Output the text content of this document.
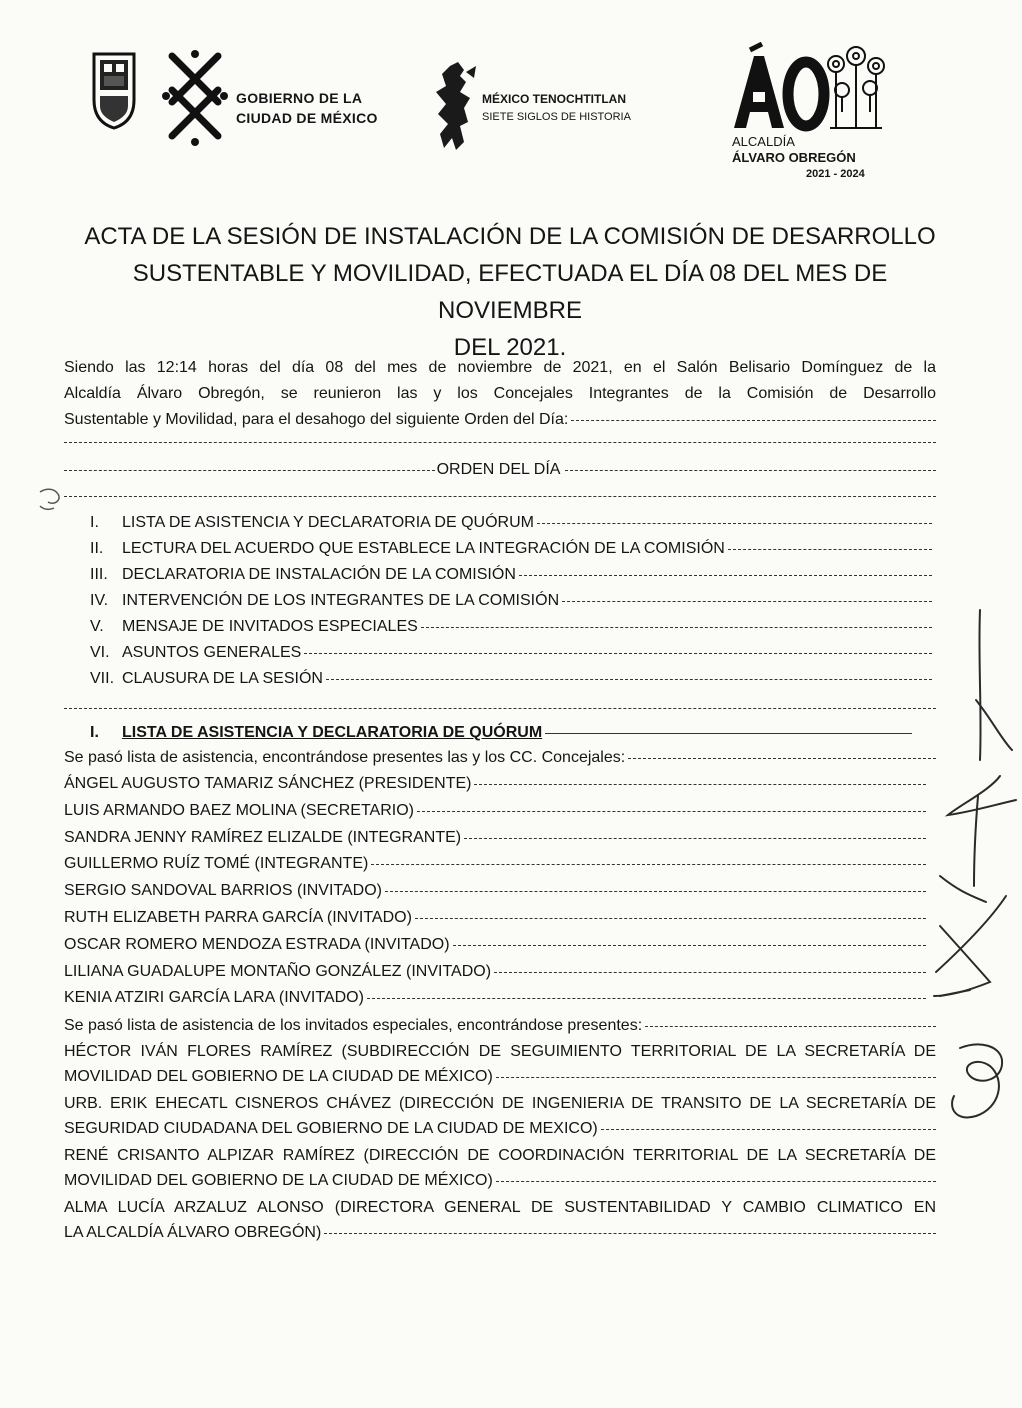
GOBIERNO DE LA
CIUDAD DE MÉXICO
MÉXICO TENOCHTITLAN
SIETE SIGLOS DE HISTORIA
ALCALDÍA
ÁLVARO OBREGÓN
2021 - 2024
ACTA DE LA SESIÓN DE INSTALACIÓN DE LA COMISIÓN DE DESARROLLO
SUSTENTABLE Y MOVILIDAD, EFECTUADA EL DÍA 08 DEL MES DE NOVIEMBRE
DEL 2021.
Siendo las 12:14 horas del día 08 del mes de noviembre de 2021, en el Salón Belisario Domínguez de la
Alcaldía Álvaro Obregón, se reunieron las y los Concejales Integrantes de la Comisión de Desarrollo
Sustentable y Movilidad, para el desahogo del siguiente Orden del Día:
ORDEN DEL DÍA
I.	LISTA DE ASISTENCIA Y DECLARATORIA DE QUÓRUM
II.	LECTURA DEL ACUERDO QUE ESTABLECE LA INTEGRACIÓN DE LA COMISIÓN
III. DECLARATORIA DE INSTALACIÓN DE LA COMISIÓN
IV. INTERVENCIÓN DE LOS INTEGRANTES DE LA COMISIÓN
V.	MENSAJE DE INVITADOS ESPECIALES
VI. ASUNTOS GENERALES
VII. CLAUSURA DE LA SESIÓN
I.	LISTA DE ASISTENCIA Y DECLARATORIA DE QUÓRUM
Se pasó lista de asistencia, encontrándose presentes las y los CC. Concejales:
ÁNGEL AUGUSTO TAMARIZ SÁNCHEZ (PRESIDENTE)
LUIS ARMANDO BAEZ MOLINA (SECRETARIO)
SANDRA JENNY RAMÍREZ ELIZALDE (INTEGRANTE)
GUILLERMO RUÍZ TOMÉ (INTEGRANTE)
SERGIO SANDOVAL BARRIOS (INVITADO)
RUTH ELIZABETH PARRA GARCÍA (INVITADO)
OSCAR ROMERO MENDOZA ESTRADA (INVITADO)
LILIANA GUADALUPE MONTAÑO GONZÁLEZ (INVITADO)
KENIA ATZIRI GARCÍA LARA (INVITADO)
Se pasó lista de asistencia de los invitados especiales, encontrándose presentes:
HÉCTOR IVÁN FLORES RAMÍREZ (SUBDIRECCIÓN DE SEGUIMIENTO TERRITORIAL DE LA SECRETARÍA DE
MOVILIDAD DEL GOBIERNO DE LA CIUDAD DE MÉXICO)
URB. ERIK EHECATL CISNEROS CHÁVEZ (DIRECCIÓN DE INGENIERIA DE TRANSITO DE LA SECRETARÍA DE
SEGURIDAD CIUDADANA DEL GOBIERNO DE LA CIUDAD DE MEXICO)
RENÉ CRISANTO ALPIZAR RAMÍREZ (DIRECCIÓN DE COORDINACIÓN TERRITORIAL DE LA SECRETARÍA DE
MOVILIDAD DEL GOBIERNO DE LA CIUDAD DE MÉXICO)
ALMA LUCÍA ARZALUZ ALONSO (DIRECTORA GENERAL DE SUSTENTABILIDAD Y CAMBIO CLIMATICO EN
LA ALCALDÍA ÁLVARO OBREGÓN)
